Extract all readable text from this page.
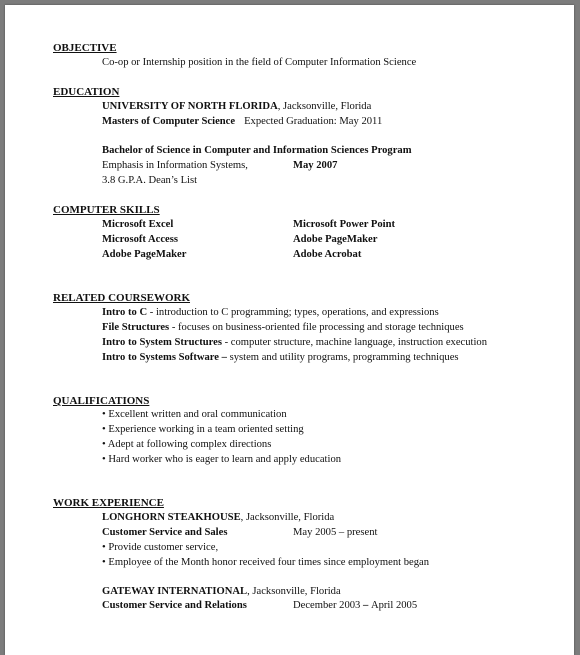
OBJECTIVE
Co-op or Internship position in the field of Computer Information Science
EDUCATION
UNIVERSITY OF NORTH FLORIDA, Jacksonville, Florida
Masters of Computer Science Expected Graduation: May 2011
Bachelor of Science in Computer and Information Sciences Program
Emphasis in Information Systems,	May 2007
3.8 G.P.A. Dean’s List
COMPUTER SKILLS
Microsoft Excel	Microsoft Power Point
Microsoft Access	Adobe PageMaker
Adobe PageMaker	Adobe Acrobat
RELATED COURSEWORK
Intro to C - introduction to C programming; types, operations, and expressions
File Structures - focuses on business-oriented file processing and storage techniques
Intro to System Structures - computer structure, machine language, instruction execution
Intro to Systems Software – system and utility programs, programming techniques
QUALIFICATIONS
• Excellent written and oral communication
• Experience working in a team oriented setting
• Adept at following complex directions
• Hard worker who is eager to learn and apply education
WORK EXPERIENCE
LONGHORN STEAKHOUSE, Jacksonville, Florida
Customer Service and Sales	May 2005 – present
• Provide customer service,
• Employee of the Month honor received four times since employment began
GATEWAY INTERNATIONAL, Jacksonville, Florida
Customer Service and Relations	December 2003 – April 2005
